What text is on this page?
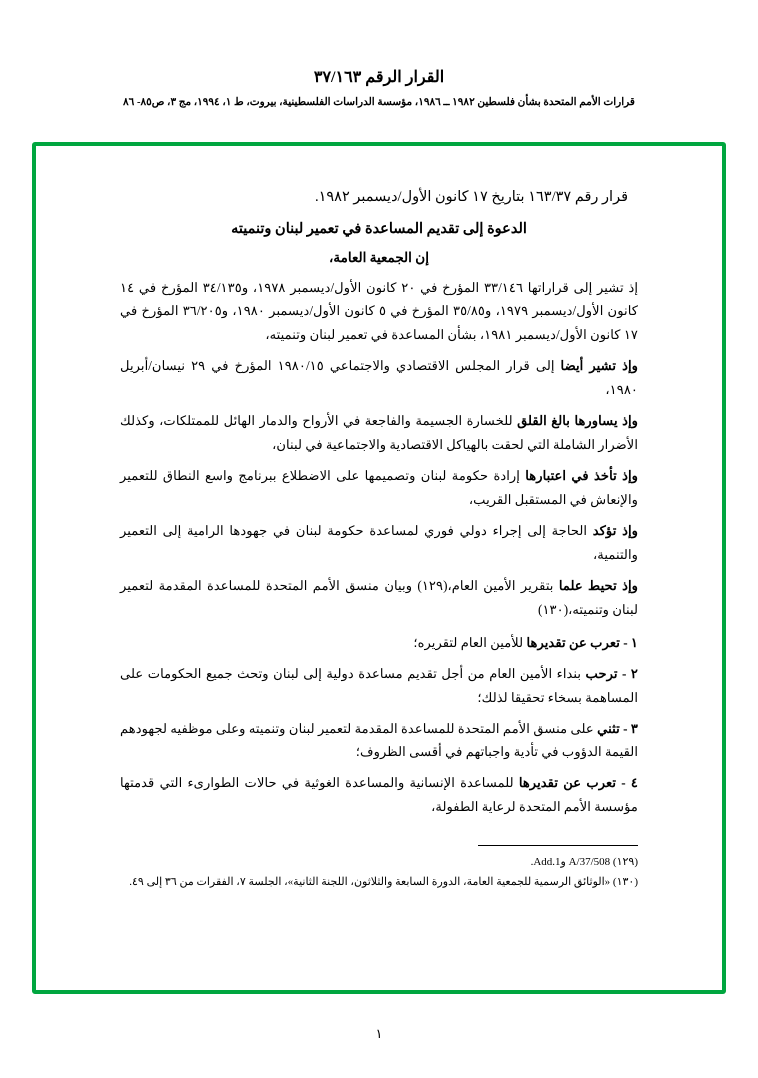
القرار الرقم ٣٧/١٦٣
قرارات الأمم المتحدة بشأن فلسطين ١٩٨٢ ــ ١٩٨٦، مؤسسة الدراسات الفلسطينية، بيروت، ط ١، ١٩٩٤، مج ٣، ص٨٥- ٨٦
قرار رقم ١٦٣/٣٧ بتاريخ ١٧ كانون الأول/ديسمبر ١٩٨٢.
الدعوة إلى تقديم المساعدة في تعمير لبنان وتنميته
إن الجمعية العامة،

إذ تشير إلى قراراتها ٣٣/١٤٦ المؤرخ في ٢٠ كانون الأول/ديسمبر ١٩٧٨، و٣٤/١٣٥ المؤرخ في ١٤ كانون الأول/ديسمبر ١٩٧٩، و٣٥/٨٥ المؤرخ في ٥ كانون الأول/ديسمبر ١٩٨٠، و٣٦/٢٠٥ المؤرخ في ١٧ كانون الأول/ديسمبر ١٩٨١، بشأن المساعدة في تعمير لبنان وتنميته،

وإذ تشير أيضا إلى قرار المجلس الاقتصادي والاجتماعي ١٩٨٠/١٥ المؤرخ في ٢٩ نيسان/أبريل ١٩٨٠،

وإذ يساورها بالغ القلق للخسارة الجسيمة والفاجعة في الأرواح والدمار الهائل للممتلكات، وكذلك الأضرار الشاملة التي لحقت بالهياكل الاقتصادية والاجتماعية في لبنان،

وإذ تأخذ في اعتبارها إرادة حكومة لبنان وتصميمها على الاضطلاع ببرنامج واسع النطاق للتعمير والإنعاش في المستقبل القريب،

وإذ تؤكد الحاجة إلى إجراء دولي فوري لمساعدة حكومة لبنان في جهودها الرامية إلى التعمير والتنمية،

وإذ تحيط علما بتقرير الأمين العام،(١٢٩) وبيان منسق الأمم المتحدة للمساعدة المقدمة لتعمير لبنان وتنميته،(١٣٠)

١ - تعرب عن تقديرها للأمين العام لتقريره؛

٢ - ترحب بنداء الأمين العام من أجل تقديم مساعدة دولية إلى لبنان وتحث جميع الحكومات على المساهمة بسخاء تحقيقا لذلك؛

٣ - تثني على منسق الأمم المتحدة للمساعدة المقدمة لتعمير لبنان وتنميته وعلى موظفيه لجهودهم القيمة الدؤوب في تأدية واجباتهم في أقسى الظروف؛

٤ - تعرب عن تقديرها للمساعدة الإنسانية والمساعدة الغوثية في حالات الطوارىء التي قدمتها مؤسسة الأمم المتحدة لرعاية الطفولة،

(١٢٩) A/37/508 وAdd.1.

(١٣٠) «الوثائق الرسمية للجمعية العامة، الدورة السابعة والثلاثون، اللجنة الثانية»، الجلسة ٧، الفقرات من ٣٦ إلى ٤٩.

١
